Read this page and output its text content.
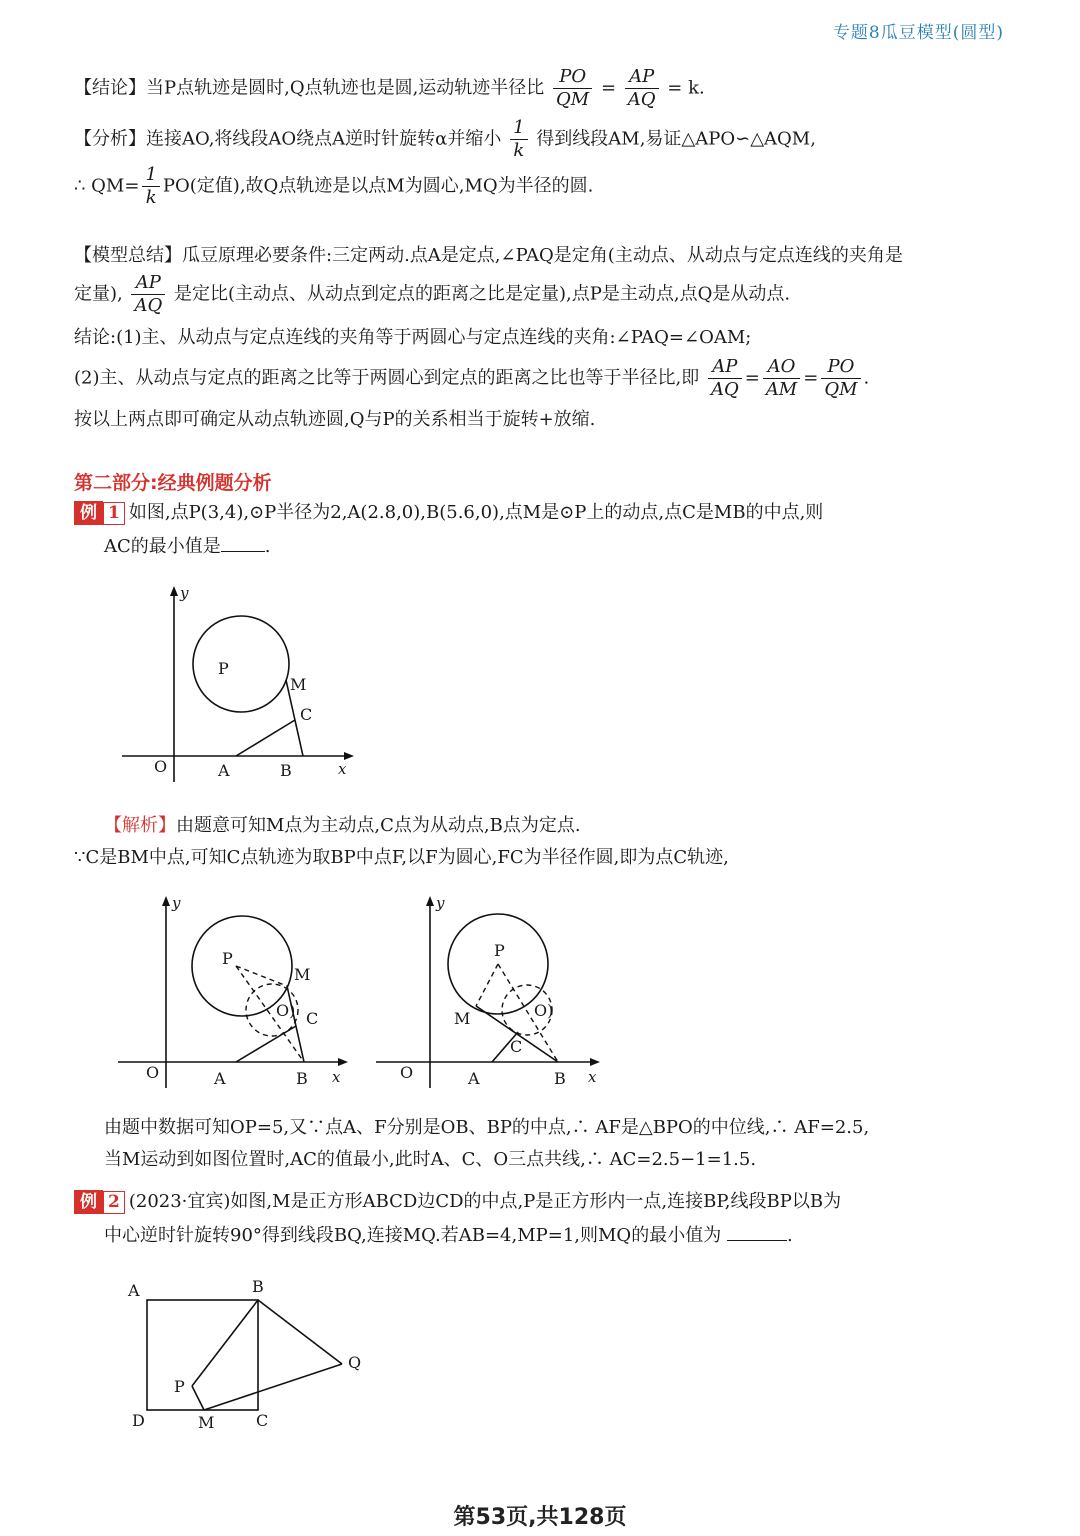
专题8瓜豆模型(圆型)
【结论】当P点轨迹是圆时,Q点轨迹也是圆,运动轨迹半径比 $\frac{PO}{QM} = \frac{AP}{AQ} = k$.
【分析】连接AO,将线段AO绕点A逆时针旋转α并缩小 $\frac{1}{k}$ 得到线段AM,易证△APO∽△AQM,
∴ $QM= \frac{1}{k} PO$(定值),故Q点轨迹是以点M为圆心,MQ为半径的圆.
【模型总结】瓜豆原理必要条件:三定两动.点A是定点,∠PAQ是定角(主动点、从动点与定点连线的夹角是
定量), $\frac{AP}{AQ}$ 是定比(主动点、从动点到定点的距离之比是定量),点P是主动点,点Q是从动点.
结论:(1)主、从动点与定点连线的夹角等于两圆心与定点连线的夹角:∠PAQ=∠OAM;
(2)主、从动点与定点的距离之比等于两圆心到定点的距离之比也等于半径比,即 $\frac{AP}{AQ} = \frac{AO}{AM} = \frac{PO}{QM}$ .
按以上两点即可确定从动点轨迹圆,Q与P的关系相当于旋转+放缩.
第二部分:经典例题分析
例 1 如图,点P(3,4),⊙P半径为2,A(2.8,0),B(5.6,0),点M是⊙P上的动点,点C是MB的中点,则
AC的最小值是 .
y
x
O	A	B
P
M
C
【解析】由题意可知M点为主动点,C点为从动点,B点为定点.
∵C是BM中点,可知C点轨迹为取BP中点F,以F为圆心,FC为半径作圆,即为点C轨迹,
y
x
O	A	B
P
M
C
O)
y
x
O	A	B
P
M
C
O)
由题中数据可知OP=5,又∵点A、F分别是OB、BP的中点,∴ AF是△BPO的中位线,∴ AF=2.5,
当M运动到如图位置时,AC的值最小,此时A、C、O三点共线,∴ AC=2.5−1=1.5.
例 2 (2023·宜宾)如图,M是正方形ABCD边CD的中点,P是正方形内一点,连接BP,线段BP以B为
中心逆时针旋转90°得到线段BQ,连接MQ.若AB=4,MP=1,则MQ的最小值为	.
A	B
C
D
P
M
Q
第53页,共128页
